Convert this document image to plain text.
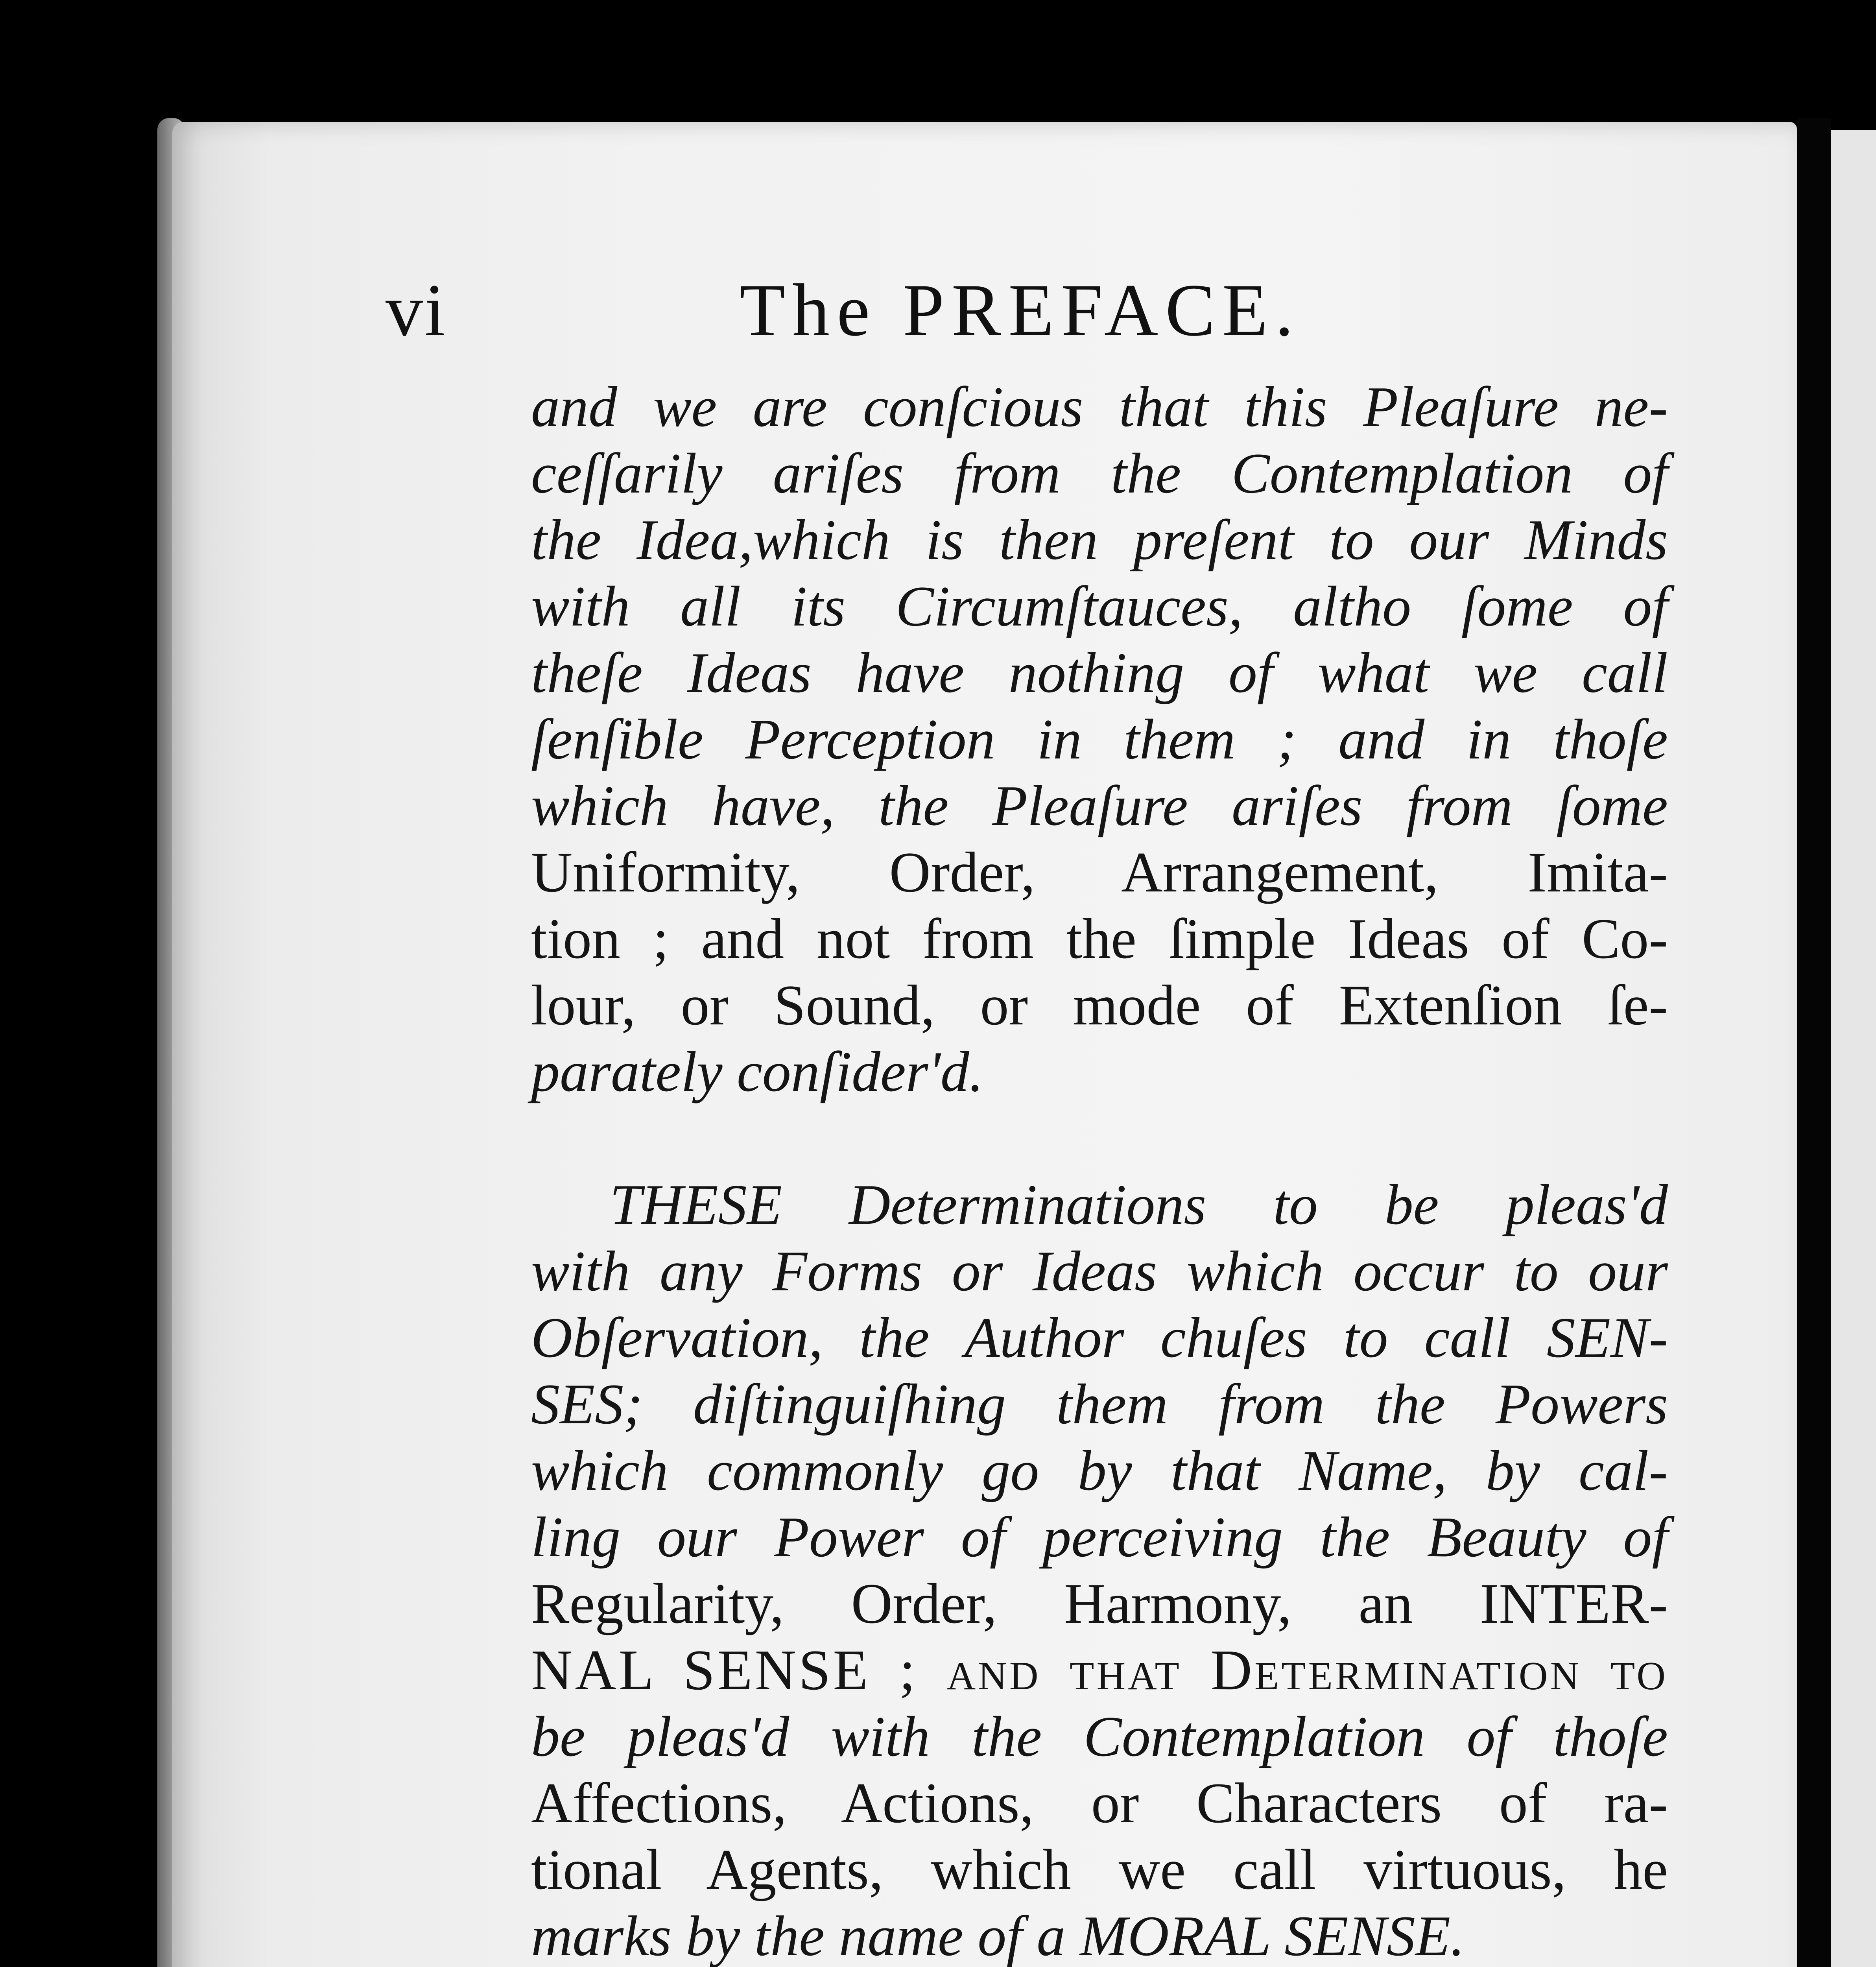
vi	The PREFACE.
and we are conſcious that this Pleaſure ne-
ceſſarily ariſes from the Contemplation of
the Idea,which is then preſent to our Minds
with all its Circumſtauces, altho ſome of
theſe Ideas have nothing of what we call
ſenſible Perception in them ; and in thoſe
which have, the Pleaſure ariſes from ſome
Uniformity, Order, Arrangement, Imita-
tion ; and not from the ſimple Ideas of Co-
lour, or Sound, or mode of Extenſion ſe-
parately conſider'd.
THESE Determinations to be pleas'd
with any Forms or Ideas which occur to our
Obſervation, the Author chuſes to call SEN-
SES; diſtinguiſhing them from the Powers
which commonly go by that Name, by cal-
ling our Power of perceiving the Beauty of
Regularity, Order, Harmony, an INTER-
NAL SENSE ; and that Determination to
be pleas'd with the Contemplation of thoſe
Affections, Actions, or Characters of ra-
tional Agents, which we call virtuous, he
marks by the name of a MORAL SENSE.
